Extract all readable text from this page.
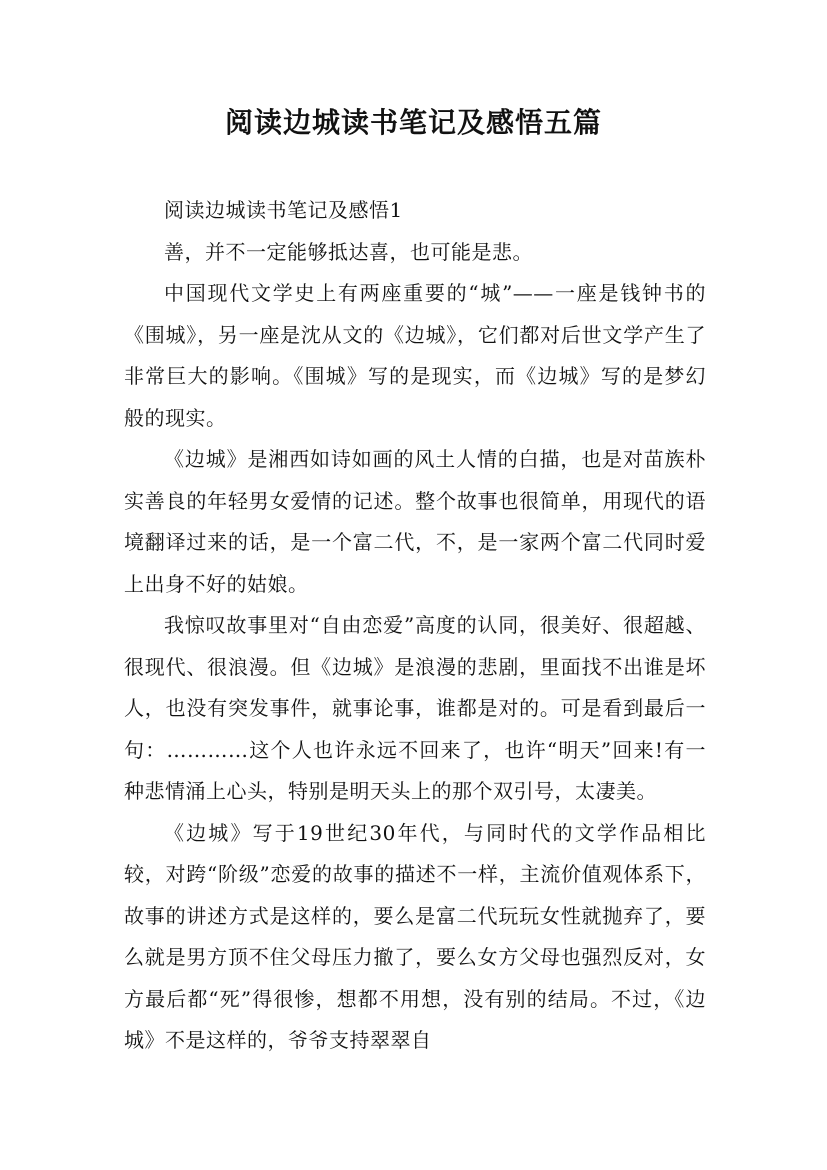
阅读边城读书笔记及感悟五篇

阅读边城读书笔记及感悟1

善，并不一定能够抵达喜，也可能是悲。

中国现代文学史上有两座重要的“城”——一座是钱钟书的《围城》，另一座是沈从文的《边城》，它们都对后世文学产生了非常巨大的影响。《围城》写的是现实，而《边城》写的是梦幻般的现实。

《边城》是湘西如诗如画的风土人情的白描，也是对苗族朴实善良的年轻男女爱情的记述。整个故事也很简单，用现代的语境翻译过来的话，是一个富二代，不，是一家两个富二代同时爱上出身不好的姑娘。

我惊叹故事里对“自由恋爱”高度的认同，很美好、很超越、很现代、很浪漫。但《边城》是浪漫的悲剧，里面找不出谁是坏人，也没有突发事件，就事论事，谁都是对的。可是看到最后一句：…………这个人也许永远不回来了，也许“明天”回来!有一种悲情涌上心头，特别是明天头上的那个双引号，太凄美。

《边城》写于19世纪30年代，与同时代的文学作品相比较，对跨“阶级”恋爱的故事的描述不一样，主流价值观体系下，故事的讲述方式是这样的，要么是富二代玩玩女性就抛弃了，要么就是男方顶不住父母压力撤了，要么女方父母也强烈反对，女方最后都“死”得很惨，想都不用想，没有别的结局。不过，《边城》不是这样的，爷爷支持翠翠自
